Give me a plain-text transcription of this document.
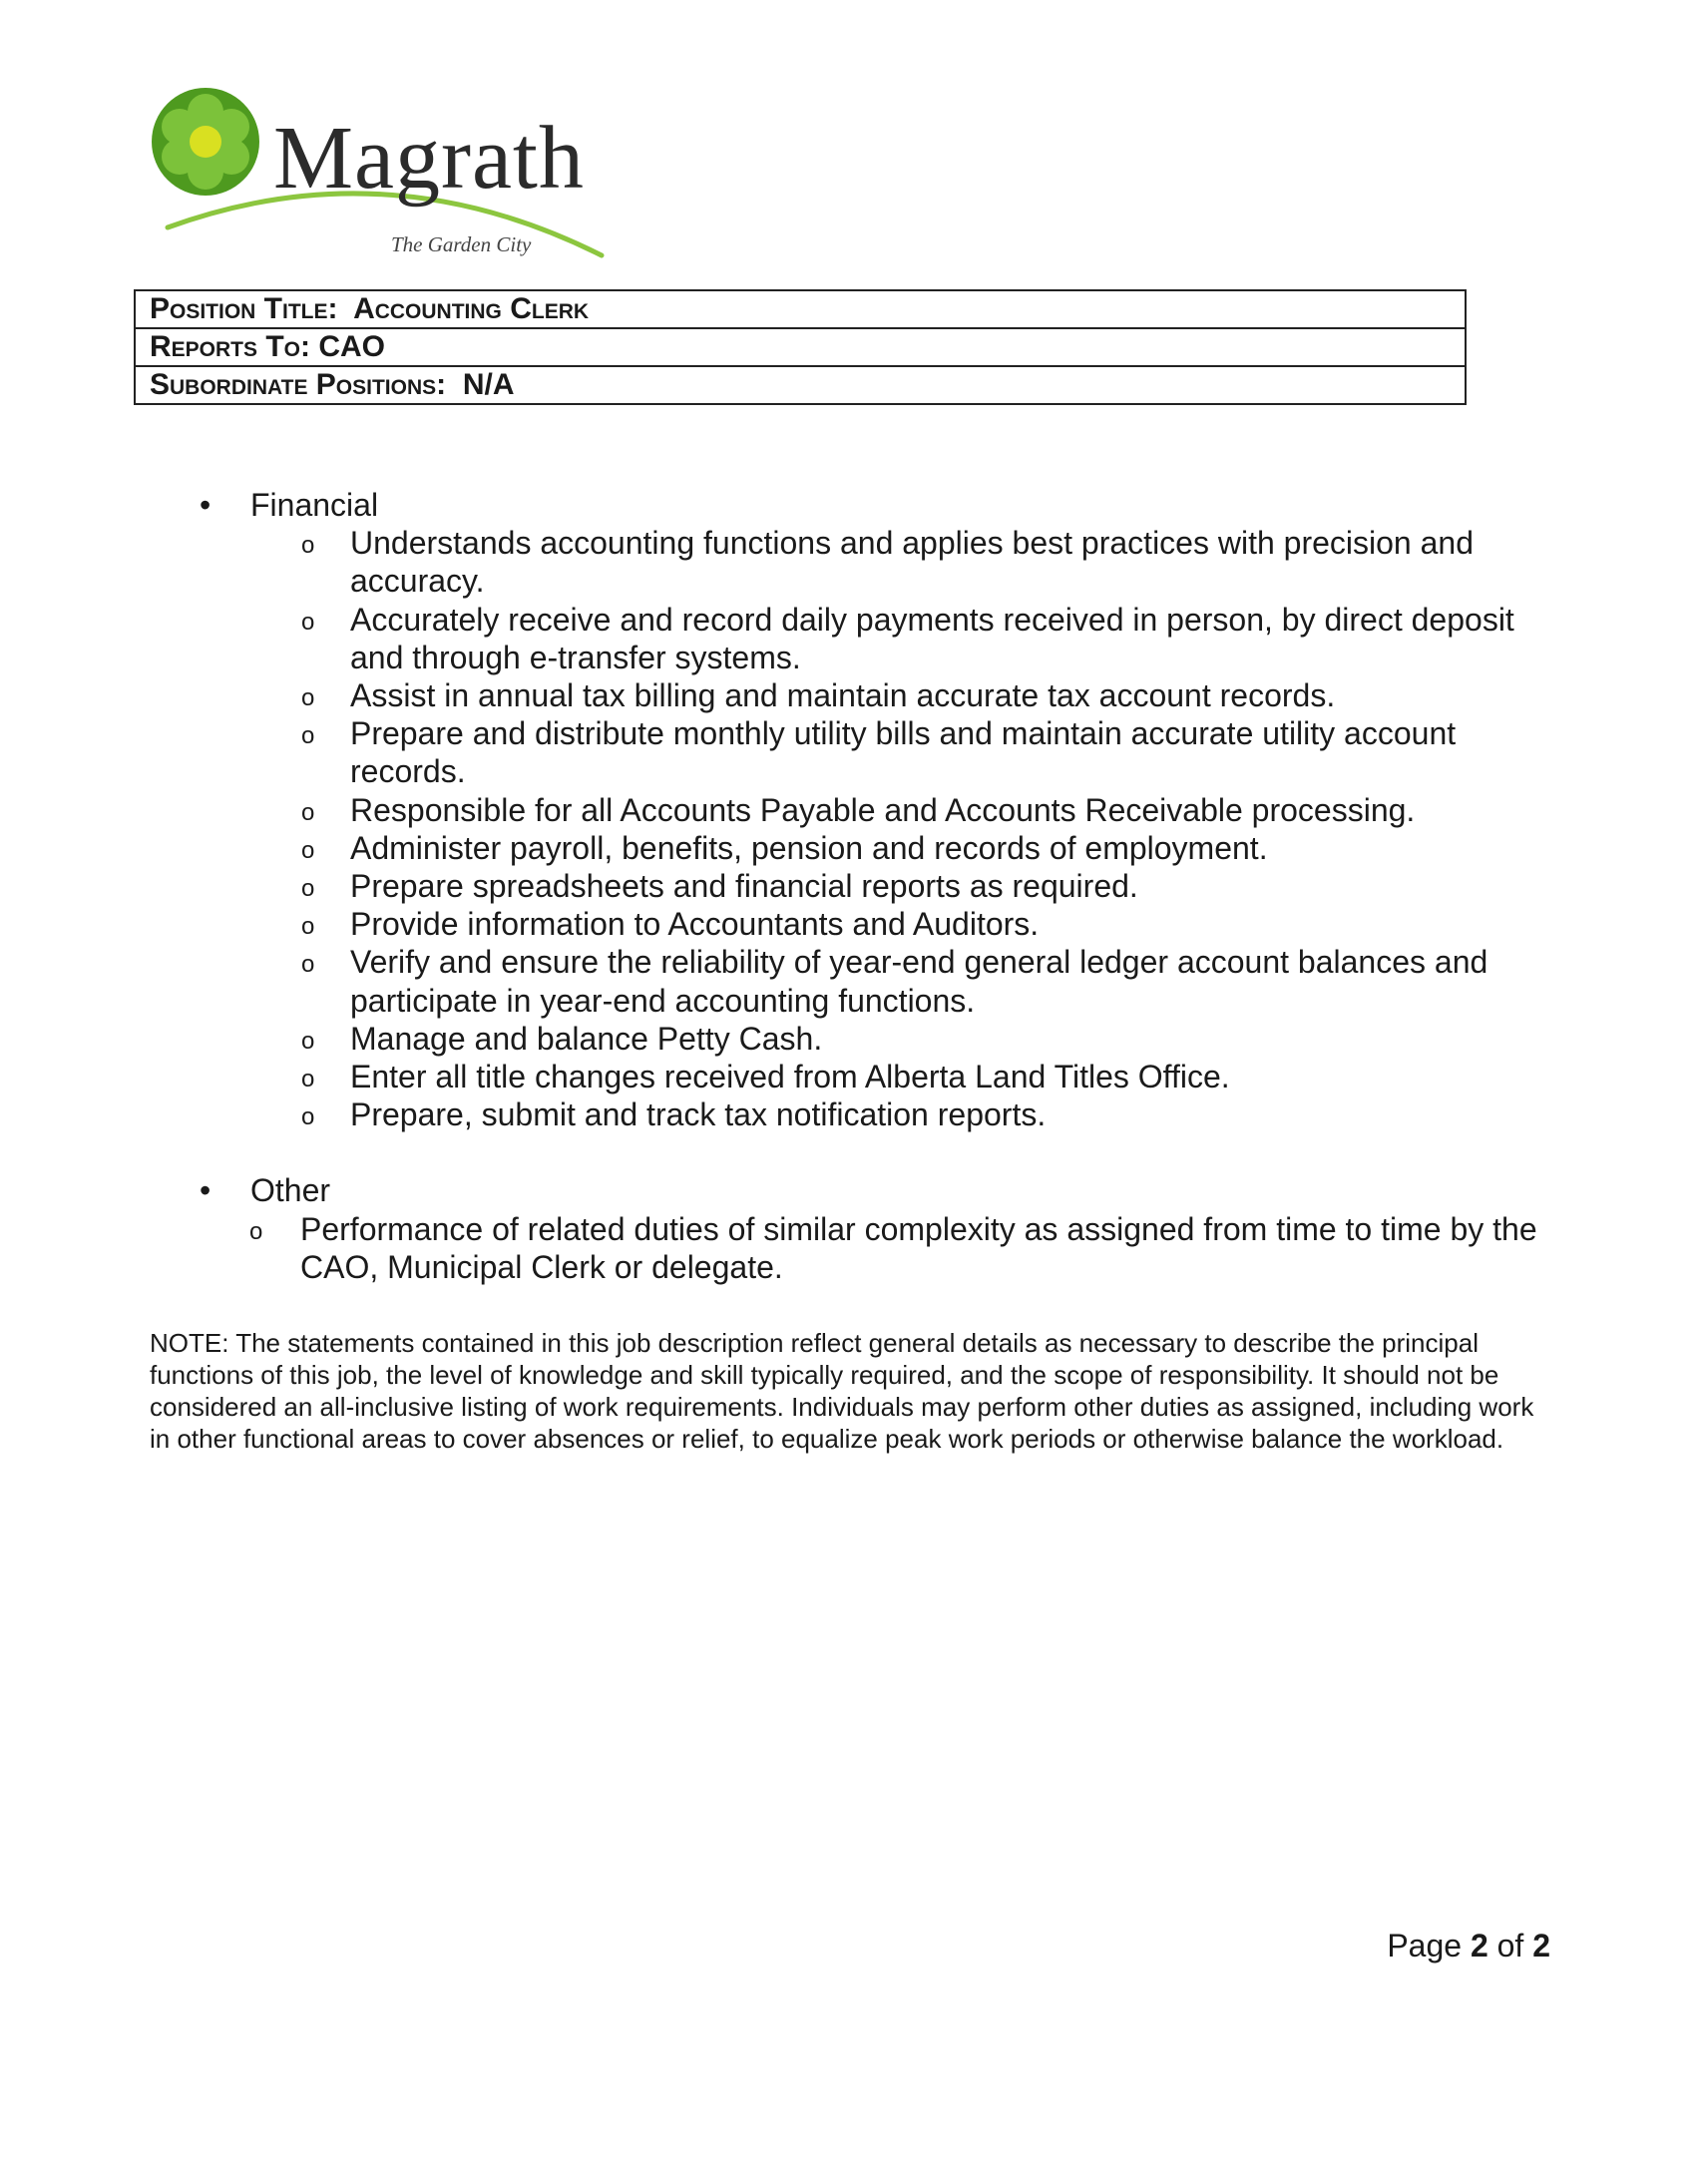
Magrath
The Garden City
Position Title: Accounting Clerk
Reports To: CAO
Subordinate Positions: N/A
• Financial
o Understands accounting functions and applies best practices with precision and accuracy.
o Accurately receive and record daily payments received in person, by direct deposit and through e-transfer systems.
o Assist in annual tax billing and maintain accurate tax account records.
o Prepare and distribute monthly utility bills and maintain accurate utility account records.
o Responsible for all Accounts Payable and Accounts Receivable processing.
o Administer payroll, benefits, pension and records of employment.
o Prepare spreadsheets and financial reports as required.
o Provide information to Accountants and Auditors.
o Verify and ensure the reliability of year-end general ledger account balances and participate in year-end accounting functions.
o Manage and balance Petty Cash.
o Enter all title changes received from Alberta Land Titles Office.
o Prepare, submit and track tax notification reports.
• Other
o Performance of related duties of similar complexity as assigned from time to time by the CAO, Municipal Clerk or delegate.

NOTE: The statements contained in this job description reflect general details as necessary to describe the principal functions of this job, the level of knowledge and skill typically required, and the scope of responsibility. It should not be considered an all-inclusive listing of work requirements. Individuals may perform other duties as assigned, including work in other functional areas to cover absences or relief, to equalize peak work periods or otherwise balance the workload.

Page 2 of 2
